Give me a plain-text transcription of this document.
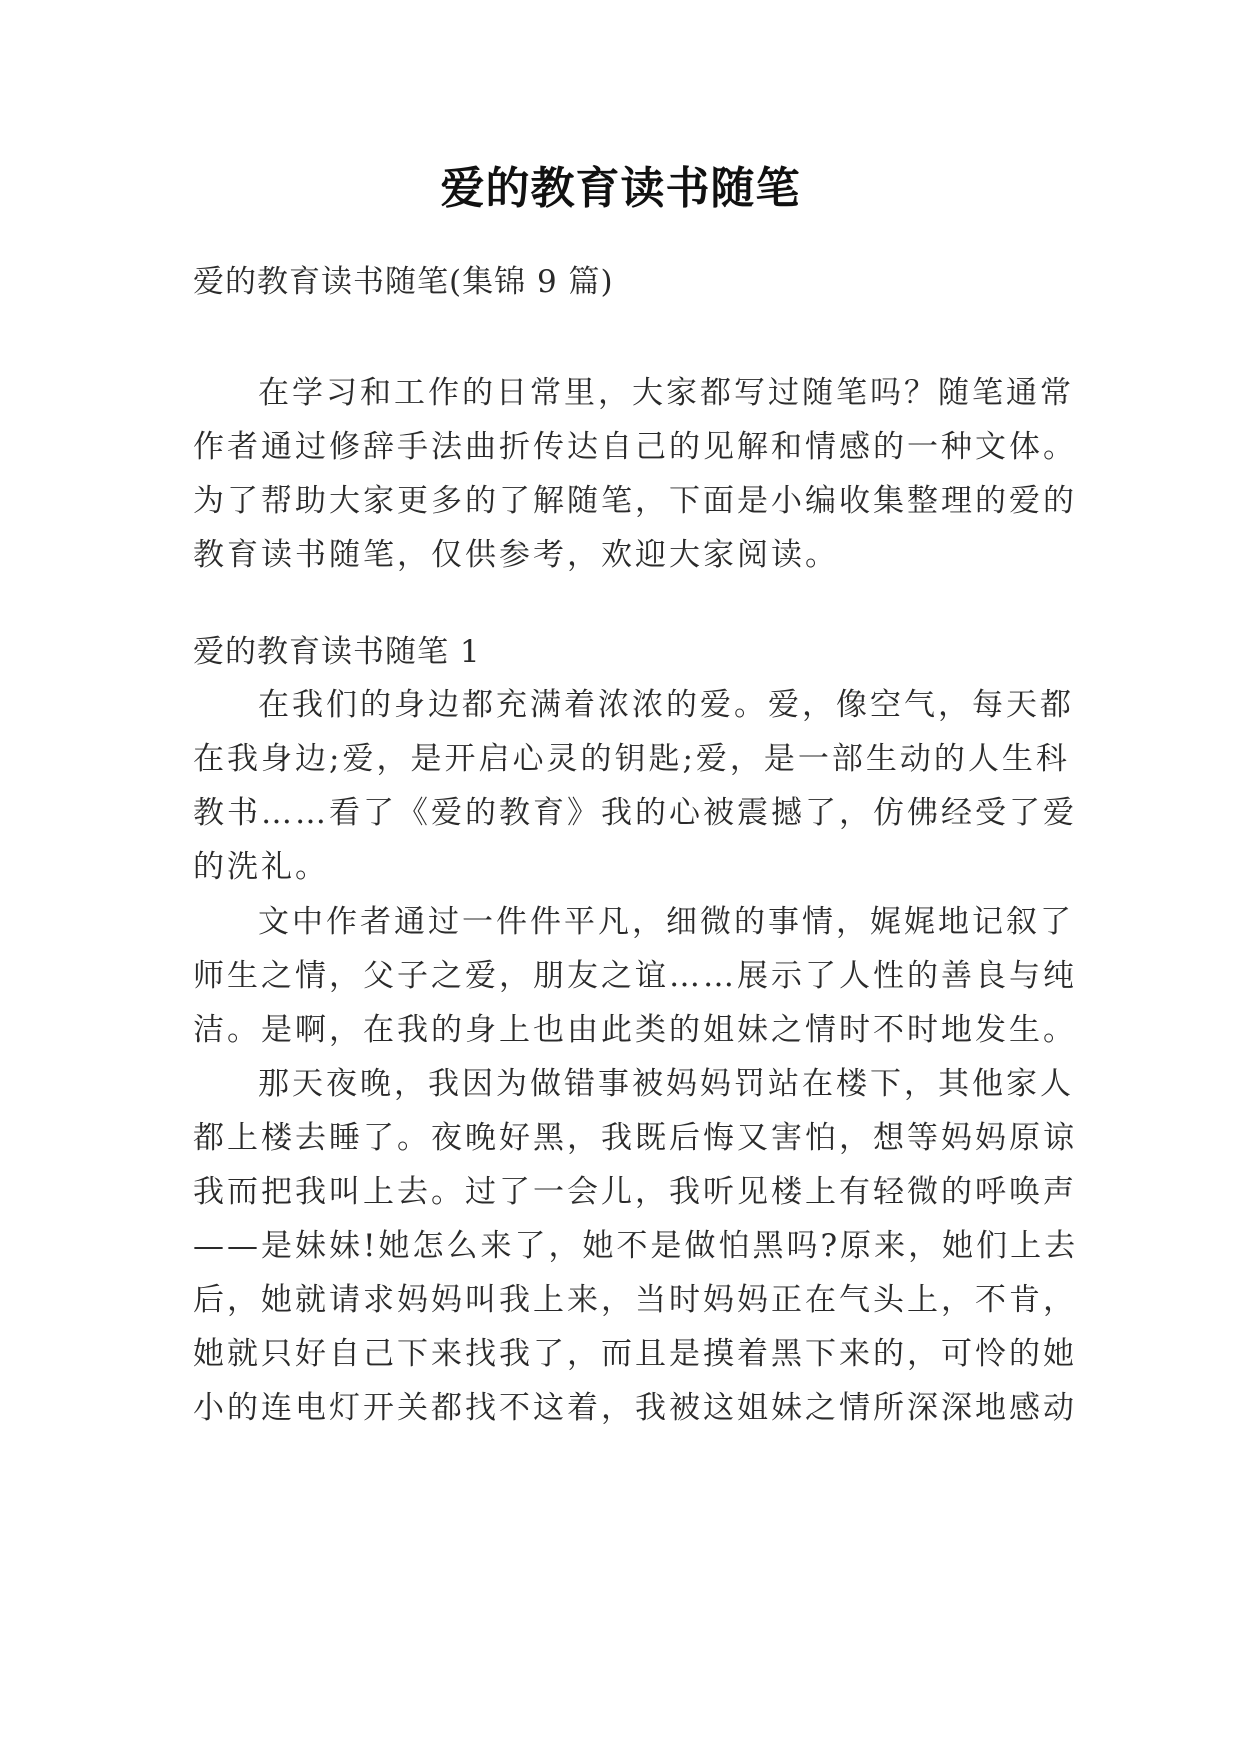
爱的教育读书随笔

爱的教育读书随笔(集锦 9 篇)

在学习和工作的日常里，大家都写过随笔吗？随笔通常

作者通过修辞手法曲折传达自己的见解和情感的一种文体。

为了帮助大家更多的了解随笔，下面是小编收集整理的爱的

教育读书随笔，仅供参考，欢迎大家阅读。

爱的教育读书随笔 1

在我们的身边都充满着浓浓的爱。爱，像空气，每天都

在我身边;爱，是开启心灵的钥匙;爱，是一部生动的人生科

教书……看了《爱的教育》我的心被震撼了，仿佛经受了爱

的洗礼。

文中作者通过一件件平凡，细微的事情，娓娓地记叙了

师生之情，父子之爱，朋友之谊……展示了人性的善良与纯

洁。是啊，在我的身上也由此类的姐妹之情时不时地发生。

那天夜晚，我因为做错事被妈妈罚站在楼下，其他家人

都上楼去睡了。夜晚好黑，我既后悔又害怕，想等妈妈原谅

我而把我叫上去。过了一会儿，我听见楼上有轻微的呼唤声

——是妹妹!她怎么来了，她不是做怕黑吗?原来，她们上去

后，她就请求妈妈叫我上来，当时妈妈正在气头上，不肯，

她就只好自己下来找我了，而且是摸着黑下来的，可怜的她

小的连电灯开关都找不这着，我被这姐妹之情所深深地感动
